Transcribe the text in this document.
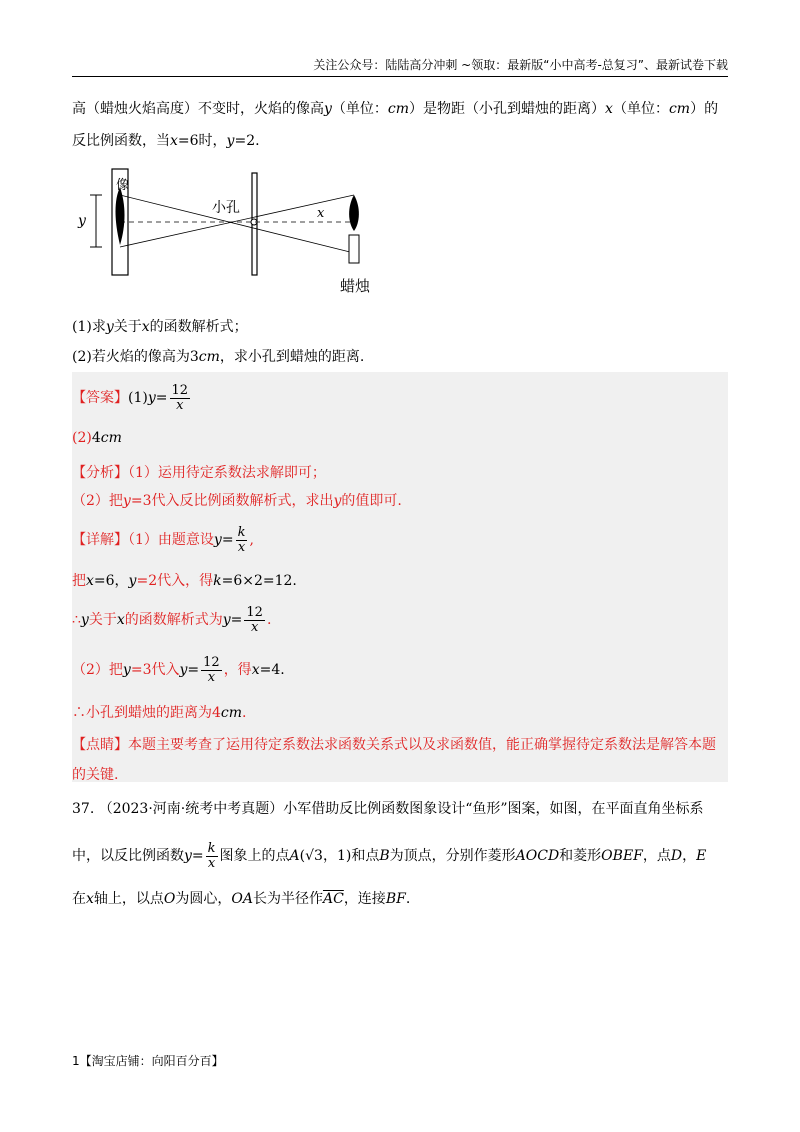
关注公众号：陆陆高分冲刺 ~领取：最新版“小中高考-总复习”、最新试卷下载
高（蜡烛火焰高度）不变时，火焰的像高y（单位：cm）是物距（小孔到蜡烛的距离）x（单位：cm）的
反比例函数，当x=6时，y=2.
像
y
小孔	x
蜡烛
(1)求y关于x的函数解析式；
(2)若火焰的像高为3cm，求小孔到蜡烛的距离.
【答案】$(1)y= \frac{12}{x}$
(2)4cm
【分析】（1）运用待定系数法求解即可；
（2）把y=3代入反比例函数解析式，求出y的值即可.
【详解】（1）由题意设$y= \frac{k}{x}$ ,
把x=6，y=2代入，得k=6×2=12.
∴y关于x的函数解析式为$y= \frac{12}{x}$ .
（2）把y=3代入$y= \frac{12}{x}$ ，得x=4.
∴小孔到蜡烛的距离为4cm.
【点睛】本题主要考查了运用待定系数法求函数关系式以及求函数值，能正确掌握待定系数法是解答本题
的关键.
37. （2023·河南·统考中考真题）小军借助反比例函数图象设计“鱼形”图案，如图，在平面直角坐标系
中，以反比例函数$y= \frac{k}{x}$ 图象上的点A(√3，1)和点B为顶点，分别作菱形AOCD和菱形OBEF，点D，E
在x轴上，以点O为圆心，OA长为半径作$\overline{AC}$，连接BF.
1【淘宝店铺：向阳百分百】
